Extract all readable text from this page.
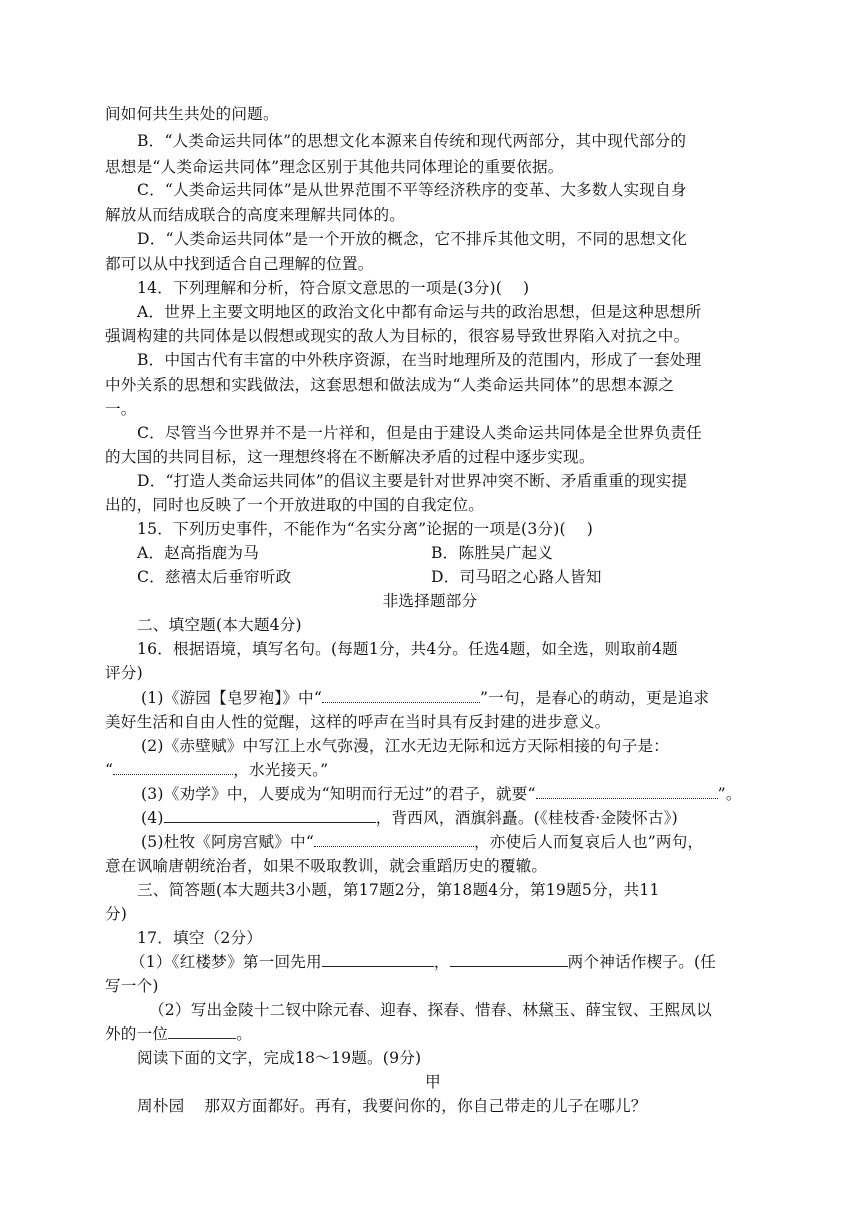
间如何共生共处的问题。
B．“人类命运共同体”的思想文化本源来自传统和现代两部分，其中现代部分的
思想是“人类命运共同体”理念区别于其他共同体理论的重要依据。
C．“人类命运共同体”是从世界范围不平等经济秩序的变革、大多数人实现自身
解放从而结成联合的高度来理解共同体的。
D．“人类命运共同体”是一个开放的概念，它不排斥其他文明，不同的思想文化
都可以从中找到适合自己理解的位置。
14．下列理解和分析，符合原文意思的一项是(3分)(　 )
A．世界上主要文明地区的政治文化中都有命运与共的政治思想，但是这种思想所
强调构建的共同体是以假想或现实的敌人为目标的，很容易导致世界陷入对抗之中。
B．中国古代有丰富的中外秩序资源，在当时地理所及的范围内，形成了一套处理
中外关系的思想和实践做法，这套思想和做法成为“人类命运共同体”的思想本源之
一。
C．尽管当今世界并不是一片祥和，但是由于建设人类命运共同体是全世界负责任
的大国的共同目标，这一理想终将在不断解决矛盾的过程中逐步实现。
D．“打造人类命运共同体”的倡议主要是针对世界冲突不断、矛盾重重的现实提
出的，同时也反映了一个开放进取的中国的自我定位。
15．下列历史事件，不能作为“名实分离”论据的一项是(3分)(　 )
A．赵高指鹿为马	B．陈胜吴广起义
C．慈禧太后垂帘听政	D．司马昭之心路人皆知
非选择题部分
二、填空题(本大题4分)
16．根据语境，填写名句。(每题1分，共4分。任选4题，如全选，则取前4题
评分)
(1)《游园【皂罗袍】》中“	”一句，是春心的萌动，更是追求
美好生活和自由人性的觉醒，这样的呼声在当时具有反封建的进步意义。
(2)《赤壁赋》中写江上水气弥漫，江水无边无际和远方天际相接的句子是：
“	，水光接天。”
(3)《劝学》中，人要成为“知明而行无过”的君子，就要“	”。
(4)	，背西风，酒旗斜矗。(《桂枝香·金陵怀古》)
(5)杜牧《阿房宫赋》中“	，亦使后人而复哀后人也”两句，
意在讽喻唐朝统治者，如果不吸取教训，就会重蹈历史的覆辙。
三、简答题(本大题共3小题，第17题2分，第18题4分，第19题5分，共11
分)
17．填空（2分）
（1）《红楼梦》第一回先用	，	两个神话作楔子。(任
写一个)
（2）写出金陵十二钗中除元春、迎春、探春、惜春、林黛玉、薛宝钗、王熙凤以
外的一位	。
阅读下面的文字，完成18～19题。(9分)
甲
周朴园 那双方面都好。再有，我要问你的，你自己带走的儿子在哪儿？
